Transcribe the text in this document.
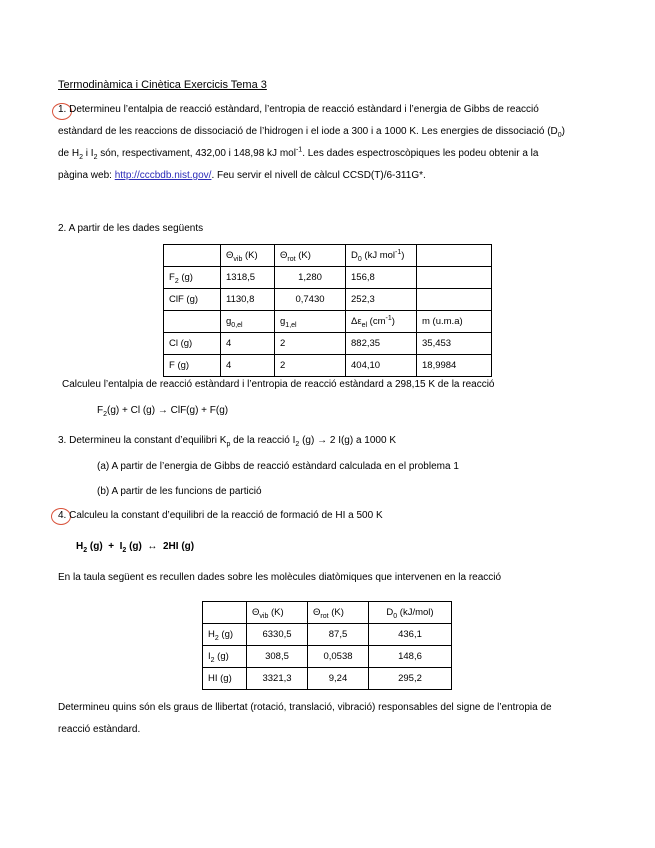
Termodinàmica i Cinètica Exercicis Tema 3
1. Determineu l’entalpia de reacció estàndard, l’entropia de reacció estàndard i l’energia de Gibbs de reacció
estàndard de les reaccions de dissociació de l’hidrogen i el iode a 300 i a 1000 K. Les energies de dissociació $(D_0)$
de $H_2$ i $I_2$ són, respectivament, 432,00 i 148,98 kJ mol$^{-1}$. Les dades espectroscòpiques les podeu obtenir a la
pàgina web: http://cccbdb.nist.gov/. Feu servir el nivell de càlcul CCSD(T)/6-311G*.
2. A partir de les dades següents
	$\Theta_{vib}$ (K)	$\Theta_{rot}$ (K)	$D_0$ (kJ mol$^{-1}$)	
$F_2$ (g)	1318,5	1,280	156,8	
ClF (g)	1130,8	0,7430	252,3	
	$g_{0,el}$	$g_{1,el}$	$\Delta\varepsilon_{el}$ $(cm^{-1})$	m (u.m.a)
Cl (g)	4	2	882,35	35,453
F (g)	4	2	404,10	18,9984
Calculeu l’entalpia de reacció estàndard i l’entropia de reacció estàndard a 298,15 K de la reacció
$F_2(g) + Cl$ (g) → ClF(g) + F(g)
3. Determineu la constant d’equilibri $K_p$ de la reacció $I_2$ (g) → 2 I(g) a 1000 K
(a) A partir de l’energia de Gibbs de reacció estàndard calculada en el problema 1
(b) A partir de les funcions de partició
4. Calculeu la constant d’equilibri de la reacció de formació de HI a 500 K
$H_2$ $(g) + I_2$ (g)  ↔  2HI (g)
En la taula següent es recullen dades sobre les molècules diatòmiques que intervenen en la reacció
	$\Theta_{vib}$ (K)	$\Theta_{rot}$ (K)	$D_0$ (kJ/mol)
$H_2$ (g)	6330,5	87,5	436,1
$I_2$ (g)	308,5	0,0538	148,6
HI (g)	3321,3	9,24	295,2
Determineu quins són els graus de llibertat (rotació, translació, vibració) responsables del signe de l’entropia de
reacció estàndard.
